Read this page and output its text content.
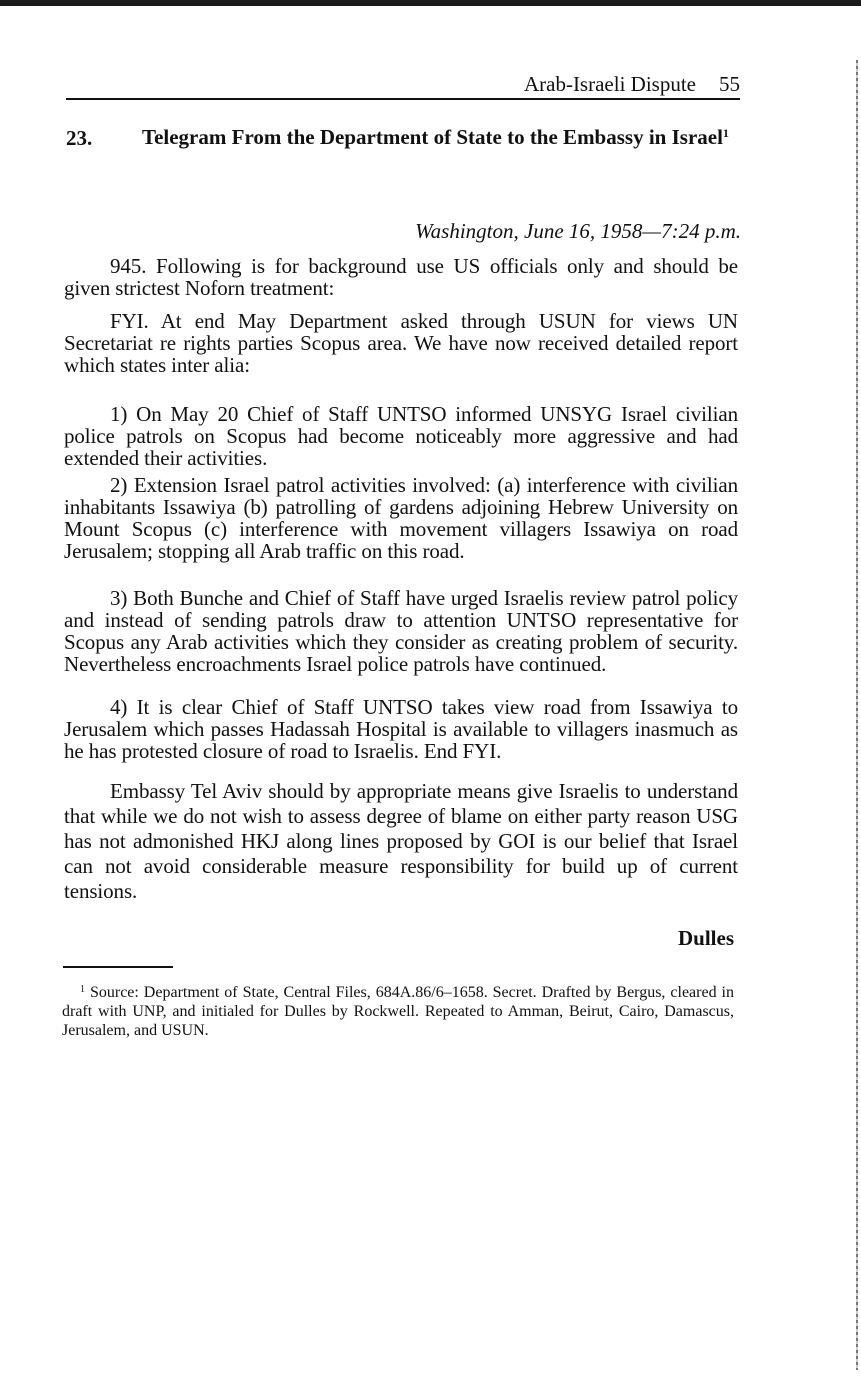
Arab-Israeli Dispute 55
23. Telegram From the Department of State to the Embassy in Israel$^1$
Washington, June 16, 1958—7:24 p.m.

945. Following is for background use US officials only and should be given strictest Noforn treatment:

FYI. At end May Department asked through USUN for views UN Secretariat re rights parties Scopus area. We have now received detailed report which states inter alia:

1) On May 20 Chief of Staff UNTSO informed UNSYG Israel civilian police patrols on Scopus had become noticeably more aggressive and had extended their activities.

2) Extension Israel patrol activities involved: (a) interference with civilian inhabitants Issawiya (b) patrolling of gardens adjoining Hebrew University on Mount Scopus (c) interference with movement villagers Issawiya on road Jerusalem; stopping all Arab traffic on this road.

3) Both Bunche and Chief of Staff have urged Israelis review patrol policy and instead of sending patrols draw to attention UNTSO representative for Scopus any Arab activities which they consider as creating problem of security. Nevertheless encroachments Israel police patrols have continued.

4) It is clear Chief of Staff UNTSO takes view road from Issawiya to Jerusalem which passes Hadassah Hospital is available to villagers inasmuch as he has protested closure of road to Israelis. End FYI.

Embassy Tel Aviv should by appropriate means give Israelis to understand that while we do not wish to assess degree of blame on either party reason USG has not admonished HKJ along lines proposed by GOI is our belief that Israel can not avoid considerable measure responsibility for build up of current tensions.

Dulles

$^1$ Source: Department of State, Central Files, 684A.86/6–1658. Secret. Drafted by Bergus, cleared in draft with UNP, and initialed for Dulles by Rockwell. Repeated to Amman, Beirut, Cairo, Damascus, Jerusalem, and USUN.
